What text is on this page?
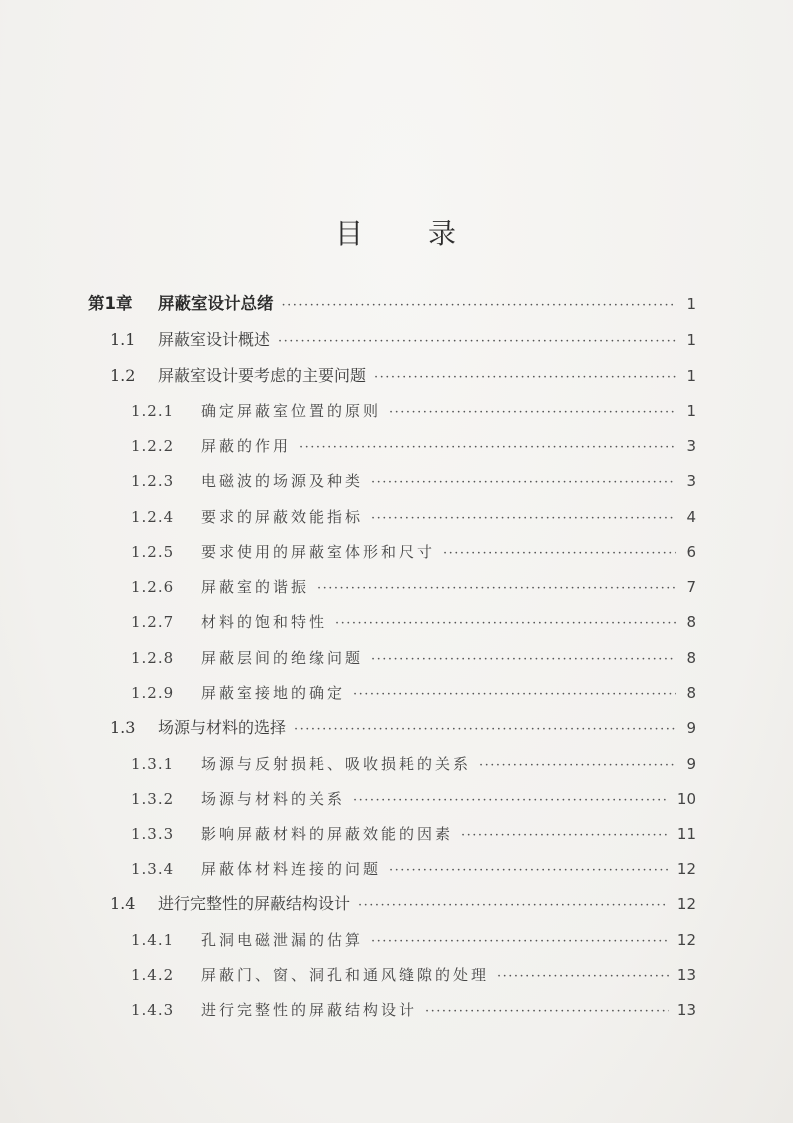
目 录
第1章	屏蔽室设计总绪 ·····	1
1.1	屏蔽室设计概述 ·····	1
1.2	屏蔽室设计要考虑的主要问题 ·····	1
1.2.1	确定屏蔽室位置的原则 ·····	1
1.2.2	屏蔽的作用 ·····	3
1.2.3	电磁波的场源及种类 ·····	3
1.2.4	要求的屏蔽效能指标 ·····	4
1.2.5	要求使用的屏蔽室体形和尺寸 ·····	6
1.2.6	屏蔽室的谐振 ·····	7
1.2.7	材料的饱和特性 ·····	8
1.2.8	屏蔽层间的绝缘问题 ·····	8
1.2.9	屏蔽室接地的确定 ·····	8
1.3	场源与材料的选择 ·····	9
1.3.1	场源与反射损耗、吸收损耗的关系 ·····	9
1.3.2	场源与材料的关系 ·····	10
1.3.3	影响屏蔽材料的屏蔽效能的因素 ·····	11
1.3.4	屏蔽体材料连接的问题 ·····	12
1.4	进行完整性的屏蔽结构设计 ·····	12
1.4.1	孔洞电磁泄漏的估算 ·····	12
1.4.2	屏蔽门、窗、洞孔和通风缝隙的处理 ·····	13
1.4.3	进行完整性的屏蔽结构设计 ·····	13
